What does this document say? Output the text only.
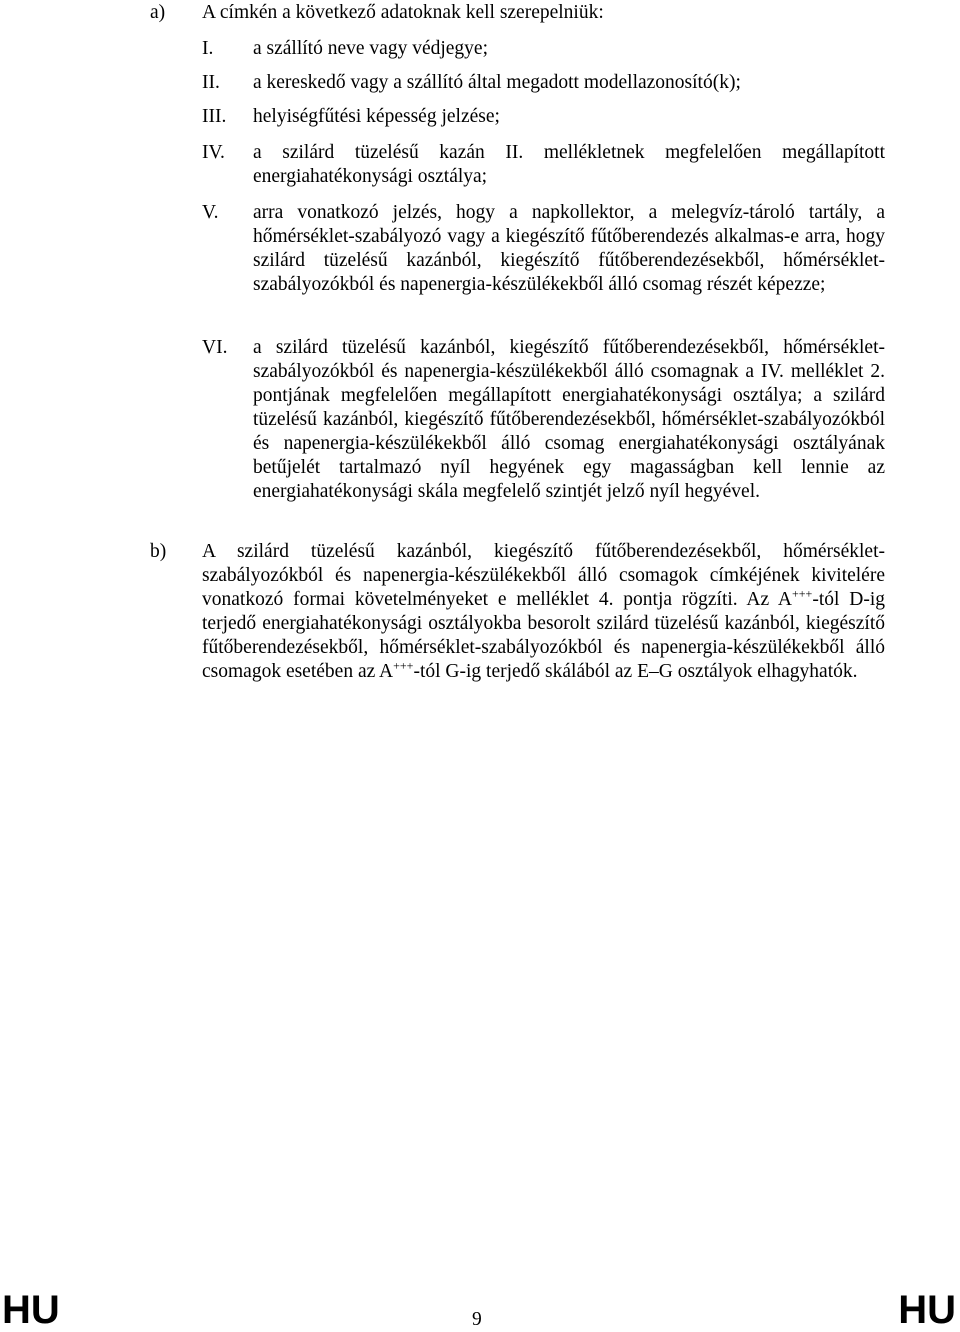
a) A címkén a következő adatoknak kell szerepelniük:
I. a szállító neve vagy védjegye;
II. a kereskedő vagy a szállító által megadott modellazonosító(k);
III. helyiségfűtési képesség jelzése;
IV. a szilárd tüzelésű kazán II. mellékletnek megfelelően megállapított energiahatékonysági osztálya;
V. arra vonatkozó jelzés, hogy a napkollektor, a melegvíz-tároló tartály, a hőmérséklet-szabályozó vagy a kiegészítő fűtőberendezés alkalmas-e arra, hogy szilárd tüzelésű kazánból, kiegészítő fűtőberendezésekből, hőmérséklet-szabályozókból és napenergia-készülékekből álló csomag részét képezze;
VI. a szilárd tüzelésű kazánból, kiegészítő fűtőberendezésekből, hőmérséklet-szabályozókból és napenergia-készülékekből álló csomagnak a IV. melléklet 2. pontjának megfelelően megállapított energiahatékonysági osztálya; a szilárd tüzelésű kazánból, kiegészítő fűtőberendezésekből, hőmérséklet-szabályozókból és napenergia-készülékekből álló csomag energiahatékonysági osztályának betűjelét tartalmazó nyíl hegyének egy magasságban kell lennie az energiahatékonysági skála megfelelő szintjét jelző nyíl hegyével.
b) A szilárd tüzelésű kazánból, kiegészítő fűtőberendezésekből, hőmérséklet-szabályozókból és napenergia-készülékekből álló csomagok címkéjének kivitelére vonatkozó formai követelményeket e melléklet 4. pontja rögzíti. Az A+++-tól D-ig terjedő energiahatékonysági osztályokba besorolt szilárd tüzelésű kazánból, kiegészítő fűtőberendezésekből, hőmérséklet-szabályozókból és napenergia-készülékekből álló csomagok esetében az A+++-tól G-ig terjedő skálából az E–G osztályok elhagyhatók.
HU	9	HU
